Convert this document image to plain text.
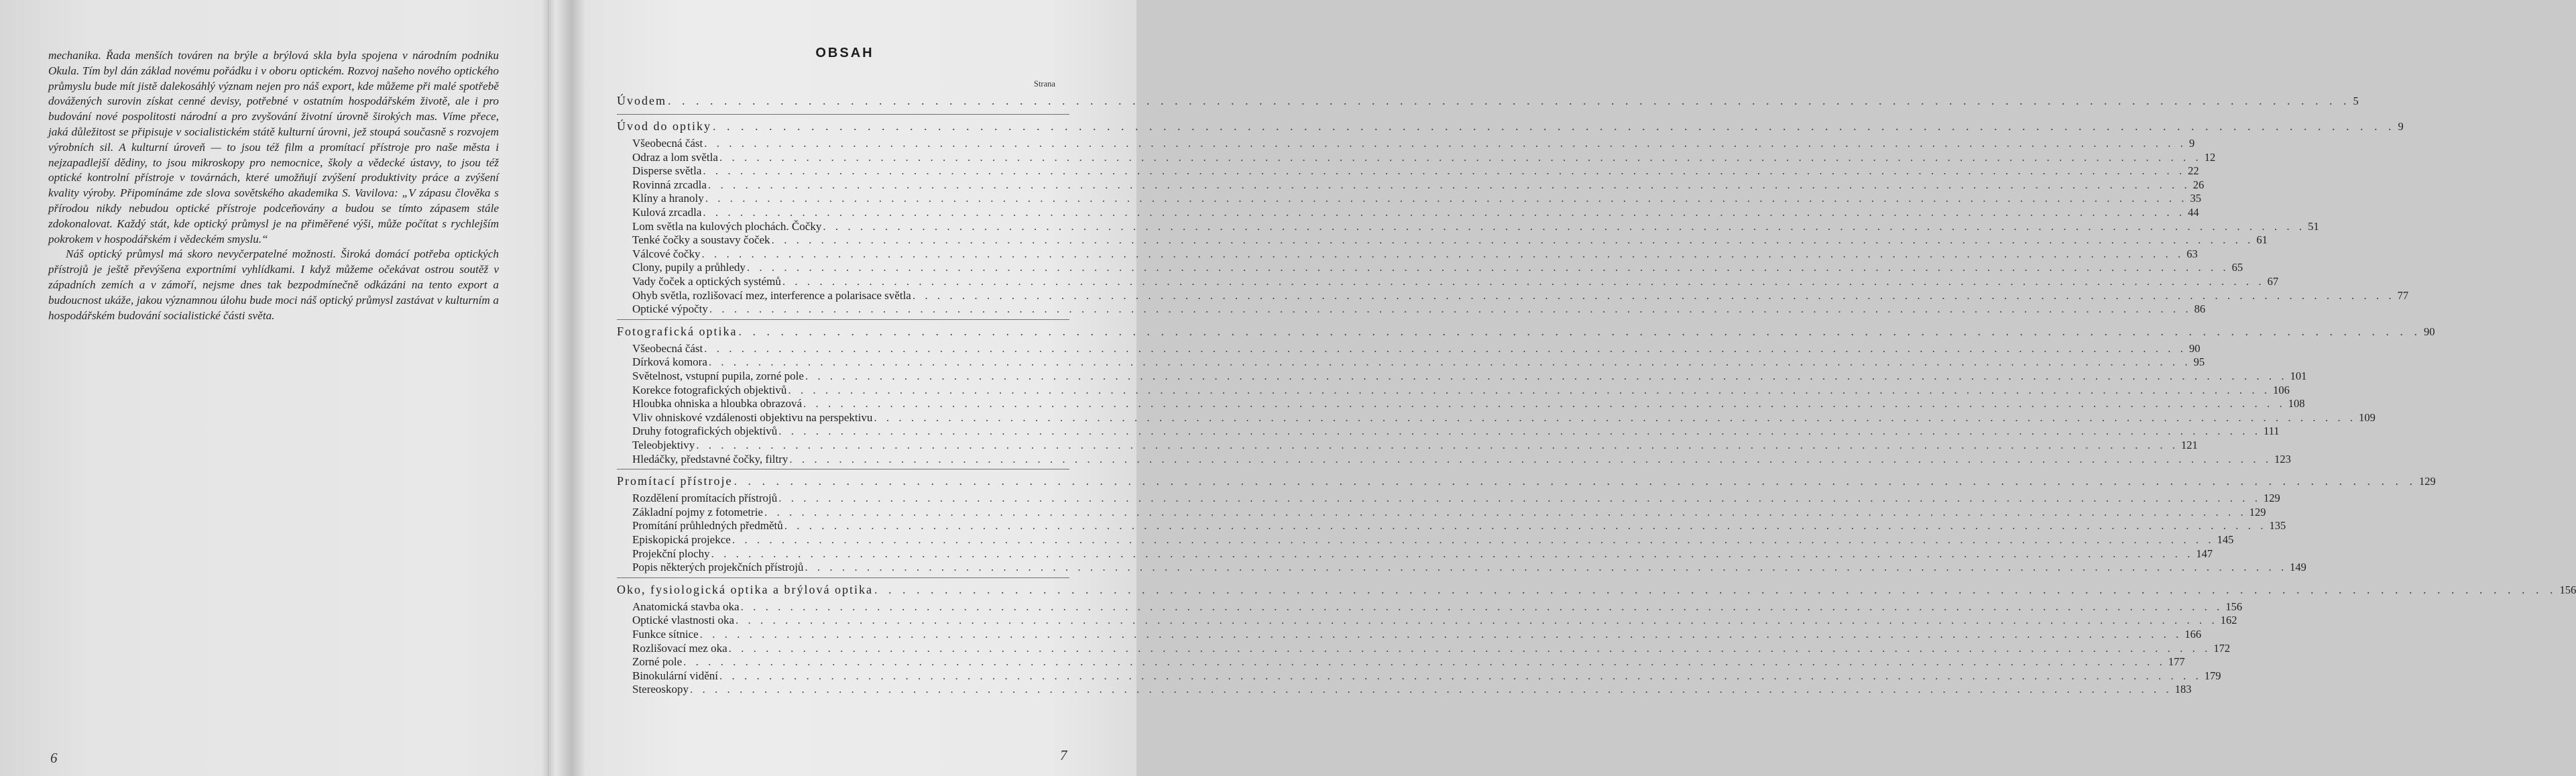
mechanika. Řada menších továren na brýle a brýlová skla byla spojena v národním podniku Okula. Tím byl dán základ novému pořádku i v oboru optickém. Rozvoj našeho nového optického průmyslu bude mít jistě dalekosáhlý význam nejen pro náš export, kde můžeme při malé spotřebě dovážených surovin získat cenné devisy, potřebné v ostatním hospodářském životě, ale i pro budování nové pospolitosti národní a pro zvyšování životní úrovně širokých mas. Víme přece, jaká důležitost se připisuje v socialistickém státě kulturní úrovni, jež stoupá současně s rozvojem výrobních sil. A kulturní úroveň — to jsou též film a promítací přístroje pro naše města i nejzapadlejší dědiny, to jsou mikroskopy pro nemocnice, školy a vědecké ústavy, to jsou též optické kontrolní přístroje v továrnách, které umožňují zvýšení produktivity práce a zvýšení kvality výroby. Připomínáme zde slova sovětského akademika S. Vavilova: „V zápasu člověka s přírodou nikdy nebudou optické přístroje podceňovány a budou se tímto zápasem stále zdokonalovat. Každý stát, kde optický průmysl je na přiměřené výši, může počítat s rychlejším pokrokem v hospodářském i vědeckém smyslu.“

Náš optický průmysl má skoro nevyčerpatelné možnosti. Široká domácí potřeba optických přístrojů je ještě převýšena exportními vyhlídkami. I když můžeme očekávat ostrou soutěž v západních zemích a v zámoří, nejsme dnes tak bezpodmínečně odkázáni na tento export a budoucnost ukáže, jakou významnou úlohu bude moci náš optický průmysl zastávat v kulturním a hospodářském budování socialistické části světa.

6
OBSAH
Strana
Úvodem . . . . . . . . . . . . . . . . . . . . . . . . . . . . . . . . . . . . . . . . . . . . . . . . . . . . . . . . . . . . . . . . . . . . . . . . . . . . . . . . . . . . . . . . . . . . . . . . . . . . . . . . . . . . . . . . . . . . . . . . 5
Úvod do optiky . . . . . . . . . . . . . . . . . . . . . . . . . . . . . . . . . . . . . . . . . . . . . . . . . . . . . . . . . . . . . . . . . . . . . . . . . . . . . . . . . . . . . . . . . . . . . . . . . . . . . . . . . . . . . . . . . . . . . . . . 9
Všeobecná část . . . . . . . . . . . . . . . . . . . . . . . . . . . . . . . . . . . . . . . . . . . . . . . . . . . . . . . . . . . . . . . . . . . . . . . . . . . . . . . . . . . . . . . . . . . . . . . . . . . . . . . . . . . . . . . . . . . . . . . . 9
Odraz a lom světla . . . . . . . . . . . . . . . . . . . . . . . . . . . . . . . . . . . . . . . . . . . . . . . . . . . . . . . . . . . . . . . . . . . . . . . . . . . . . . . . . . . . . . . . . . . . . . . . . . . . . . . . . . . . . . . . . . . . . . . . 12
Disperse světla . . . . . . . . . . . . . . . . . . . . . . . . . . . . . . . . . . . . . . . . . . . . . . . . . . . . . . . . . . . . . . . . . . . . . . . . . . . . . . . . . . . . . . . . . . . . . . . . . . . . . . . . . . . . . . . . . . . . . . . . 22
Rovinná zrcadla . . . . . . . . . . . . . . . . . . . . . . . . . . . . . . . . . . . . . . . . . . . . . . . . . . . . . . . . . . . . . . . . . . . . . . . . . . . . . . . . . . . . . . . . . . . . . . . . . . . . . . . . . . . . . . . . . . . . . . . . 26
Klíny a hranoly . . . . . . . . . . . . . . . . . . . . . . . . . . . . . . . . . . . . . . . . . . . . . . . . . . . . . . . . . . . . . . . . . . . . . . . . . . . . . . . . . . . . . . . . . . . . . . . . . . . . . . . . . . . . . . . . . . . . . . . . 35
Kulová zrcadla . . . . . . . . . . . . . . . . . . . . . . . . . . . . . . . . . . . . . . . . . . . . . . . . . . . . . . . . . . . . . . . . . . . . . . . . . . . . . . . . . . . . . . . . . . . . . . . . . . . . . . . . . . . . . . . . . . . . . . . . 44
Lom světla na kulových plochách. Čočky . . . . . . . . . . . . . . . . . . . . . . . . . . . . . . . . . . . . . . . . . . . . . . . . . . . . . . . . . . . . . . . . . . . . . . . . . . . . . . . . . . . . . . . . . . . . . . . . . . . . . . . . . . . . . . . . . . . . . . . . 51
Tenké čočky a soustavy čoček . . . . . . . . . . . . . . . . . . . . . . . . . . . . . . . . . . . . . . . . . . . . . . . . . . . . . . . . . . . . . . . . . . . . . . . . . . . . . . . . . . . . . . . . . . . . . . . . . . . . . . . . . . . . . . . . . . . . . . . . 61
Válcové čočky . . . . . . . . . . . . . . . . . . . . . . . . . . . . . . . . . . . . . . . . . . . . . . . . . . . . . . . . . . . . . . . . . . . . . . . . . . . . . . . . . . . . . . . . . . . . . . . . . . . . . . . . . . . . . . . . . . . . . . . . 63
Clony, pupily a průhledy . . . . . . . . . . . . . . . . . . . . . . . . . . . . . . . . . . . . . . . . . . . . . . . . . . . . . . . . . . . . . . . . . . . . . . . . . . . . . . . . . . . . . . . . . . . . . . . . . . . . . . . . . . . . . . . . . . . . . . . . 65
Vady čoček a optických systémů . . . . . . . . . . . . . . . . . . . . . . . . . . . . . . . . . . . . . . . . . . . . . . . . . . . . . . . . . . . . . . . . . . . . . . . . . . . . . . . . . . . . . . . . . . . . . . . . . . . . . . . . . . . . . . . . . . . . . . . . 67
Ohyb světla, rozlišovací mez, interference a polarisace světla . . . . . . . . . . . . . . . . . . . . . . . . . . . . . . . . . . . . . . . . . . . . . . . . . . . . . . . . . . . . . . . . . . . . . . . . . . . . . . . . . . . . . . . . . . . . . . . . . . . . . . . . . . . . . . . . . . . . . . . . 77
Optické výpočty . . . . . . . . . . . . . . . . . . . . . . . . . . . . . . . . . . . . . . . . . . . . . . . . . . . . . . . . . . . . . . . . . . . . . . . . . . . . . . . . . . . . . . . . . . . . . . . . . . . . . . . . . . . . . . . . . . . . . . . . 86
Fotografická optika . . . . . . . . . . . . . . . . . . . . . . . . . . . . . . . . . . . . . . . . . . . . . . . . . . . . . . . . . . . . . . . . . . . . . . . . . . . . . . . . . . . . . . . . . . . . . . . . . . . . . . . . . . . . . . . . . . . . . . . . 90
Všeobecná část . . . . . . . . . . . . . . . . . . . . . . . . . . . . . . . . . . . . . . . . . . . . . . . . . . . . . . . . . . . . . . . . . . . . . . . . . . . . . . . . . . . . . . . . . . . . . . . . . . . . . . . . . . . . . . . . . . . . . . . . 90
Dírková komora . . . . . . . . . . . . . . . . . . . . . . . . . . . . . . . . . . . . . . . . . . . . . . . . . . . . . . . . . . . . . . . . . . . . . . . . . . . . . . . . . . . . . . . . . . . . . . . . . . . . . . . . . . . . . . . . . . . . . . . . 95
Světelnost, vstupní pupila, zorné pole . . . . . . . . . . . . . . . . . . . . . . . . . . . . . . . . . . . . . . . . . . . . . . . . . . . . . . . . . . . . . . . . . . . . . . . . . . . . . . . . . . . . . . . . . . . . . . . . . . . . . . . . . . . . . . . . . . . . . . . . 101
Korekce fotografických objektivů . . . . . . . . . . . . . . . . . . . . . . . . . . . . . . . . . . . . . . . . . . . . . . . . . . . . . . . . . . . . . . . . . . . . . . . . . . . . . . . . . . . . . . . . . . . . . . . . . . . . . . . . . . . . . . . . . . . . . . . . 106
Hloubka ohniska a hloubka obrazová . . . . . . . . . . . . . . . . . . . . . . . . . . . . . . . . . . . . . . . . . . . . . . . . . . . . . . . . . . . . . . . . . . . . . . . . . . . . . . . . . . . . . . . . . . . . . . . . . . . . . . . . . . . . . . . . . . . . . . . . 108
Vliv ohniskové vzdálenosti objektivu na perspektivu . . . . . . . . . . . . . . . . . . . . . . . . . . . . . . . . . . . . . . . . . . . . . . . . . . . . . . . . . . . . . . . . . . . . . . . . . . . . . . . . . . . . . . . . . . . . . . . . . . . . . . . . . . . . . . . . . . . . . . . . 109
Druhy fotografických objektivů . . . . . . . . . . . . . . . . . . . . . . . . . . . . . . . . . . . . . . . . . . . . . . . . . . . . . . . . . . . . . . . . . . . . . . . . . . . . . . . . . . . . . . . . . . . . . . . . . . . . . . . . . . . . . . . . . . . . . . . . 111
Teleobjektivy . . . . . . . . . . . . . . . . . . . . . . . . . . . . . . . . . . . . . . . . . . . . . . . . . . . . . . . . . . . . . . . . . . . . . . . . . . . . . . . . . . . . . . . . . . . . . . . . . . . . . . . . . . . . . . . . . . . . . . . . 121
Hledáčky, představné čočky, filtry . . . . . . . . . . . . . . . . . . . . . . . . . . . . . . . . . . . . . . . . . . . . . . . . . . . . . . . . . . . . . . . . . . . . . . . . . . . . . . . . . . . . . . . . . . . . . . . . . . . . . . . . . . . . . . . . . . . . . . . . 123
Promítací přístroje . . . . . . . . . . . . . . . . . . . . . . . . . . . . . . . . . . . . . . . . . . . . . . . . . . . . . . . . . . . . . . . . . . . . . . . . . . . . . . . . . . . . . . . . . . . . . . . . . . . . . . . . . . . . . . . . . . . . . . . . 129
Rozdělení promítacích přístrojů . . . . . . . . . . . . . . . . . . . . . . . . . . . . . . . . . . . . . . . . . . . . . . . . . . . . . . . . . . . . . . . . . . . . . . . . . . . . . . . . . . . . . . . . . . . . . . . . . . . . . . . . . . . . . . . . . . . . . . . . 129
Základní pojmy z fotometrie . . . . . . . . . . . . . . . . . . . . . . . . . . . . . . . . . . . . . . . . . . . . . . . . . . . . . . . . . . . . . . . . . . . . . . . . . . . . . . . . . . . . . . . . . . . . . . . . . . . . . . . . . . . . . . . . . . . . . . . . 129
Promítání průhledných předmětů . . . . . . . . . . . . . . . . . . . . . . . . . . . . . . . . . . . . . . . . . . . . . . . . . . . . . . . . . . . . . . . . . . . . . . . . . . . . . . . . . . . . . . . . . . . . . . . . . . . . . . . . . . . . . . . . . . . . . . . . 135
Episkopická projekce . . . . . . . . . . . . . . . . . . . . . . . . . . . . . . . . . . . . . . . . . . . . . . . . . . . . . . . . . . . . . . . . . . . . . . . . . . . . . . . . . . . . . . . . . . . . . . . . . . . . . . . . . . . . . . . . . . . . . . . . 145
Projekční plochy . . . . . . . . . . . . . . . . . . . . . . . . . . . . . . . . . . . . . . . . . . . . . . . . . . . . . . . . . . . . . . . . . . . . . . . . . . . . . . . . . . . . . . . . . . . . . . . . . . . . . . . . . . . . . . . . . . . . . . . . 147
Popis některých projekčních přístrojů . . . . . . . . . . . . . . . . . . . . . . . . . . . . . . . . . . . . . . . . . . . . . . . . . . . . . . . . . . . . . . . . . . . . . . . . . . . . . . . . . . . . . . . . . . . . . . . . . . . . . . . . . . . . . . . . . . . . . . . . 149
Oko, fysiologická optika a brýlová optika . . . . . . . . . . . . . . . . . . . . . . . . . . . . . . . . . . . . . . . . . . . . . . . . . . . . . . . . . . . . . . . . . . . . . . . . . . . . . . . . . . . . . . . . . . . . . . . . . . . . . . . . . . . . . . . . . . . . . . . . 156
Anatomická stavba oka . . . . . . . . . . . . . . . . . . . . . . . . . . . . . . . . . . . . . . . . . . . . . . . . . . . . . . . . . . . . . . . . . . . . . . . . . . . . . . . . . . . . . . . . . . . . . . . . . . . . . . . . . . . . . . . . . . . . . . . . 156
Optické vlastnosti oka . . . . . . . . . . . . . . . . . . . . . . . . . . . . . . . . . . . . . . . . . . . . . . . . . . . . . . . . . . . . . . . . . . . . . . . . . . . . . . . . . . . . . . . . . . . . . . . . . . . . . . . . . . . . . . . . . . . . . . . . 162
Funkce sítnice . . . . . . . . . . . . . . . . . . . . . . . . . . . . . . . . . . . . . . . . . . . . . . . . . . . . . . . . . . . . . . . . . . . . . . . . . . . . . . . . . . . . . . . . . . . . . . . . . . . . . . . . . . . . . . . . . . . . . . . . 166
Rozlišovací mez oka . . . . . . . . . . . . . . . . . . . . . . . . . . . . . . . . . . . . . . . . . . . . . . . . . . . . . . . . . . . . . . . . . . . . . . . . . . . . . . . . . . . . . . . . . . . . . . . . . . . . . . . . . . . . . . . . . . . . . . . . 172
Zorné pole . . . . . . . . . . . . . . . . . . . . . . . . . . . . . . . . . . . . . . . . . . . . . . . . . . . . . . . . . . . . . . . . . . . . . . . . . . . . . . . . . . . . . . . . . . . . . . . . . . . . . . . . . . . . . . . . . . . . . . . . 177
Binokulární vidění . . . . . . . . . . . . . . . . . . . . . . . . . . . . . . . . . . . . . . . . . . . . . . . . . . . . . . . . . . . . . . . . . . . . . . . . . . . . . . . . . . . . . . . . . . . . . . . . . . . . . . . . . . . . . . . . . . . . . . . . 179
Stereoskopy . . . . . . . . . . . . . . . . . . . . . . . . . . . . . . . . . . . . . . . . . . . . . . . . . . . . . . . . . . . . . . . . . . . . . . . . . . . . . . . . . . . . . . . . . . . . . . . . . . . . . . . . . . . . . . . . . . . . . . . . 183
7
